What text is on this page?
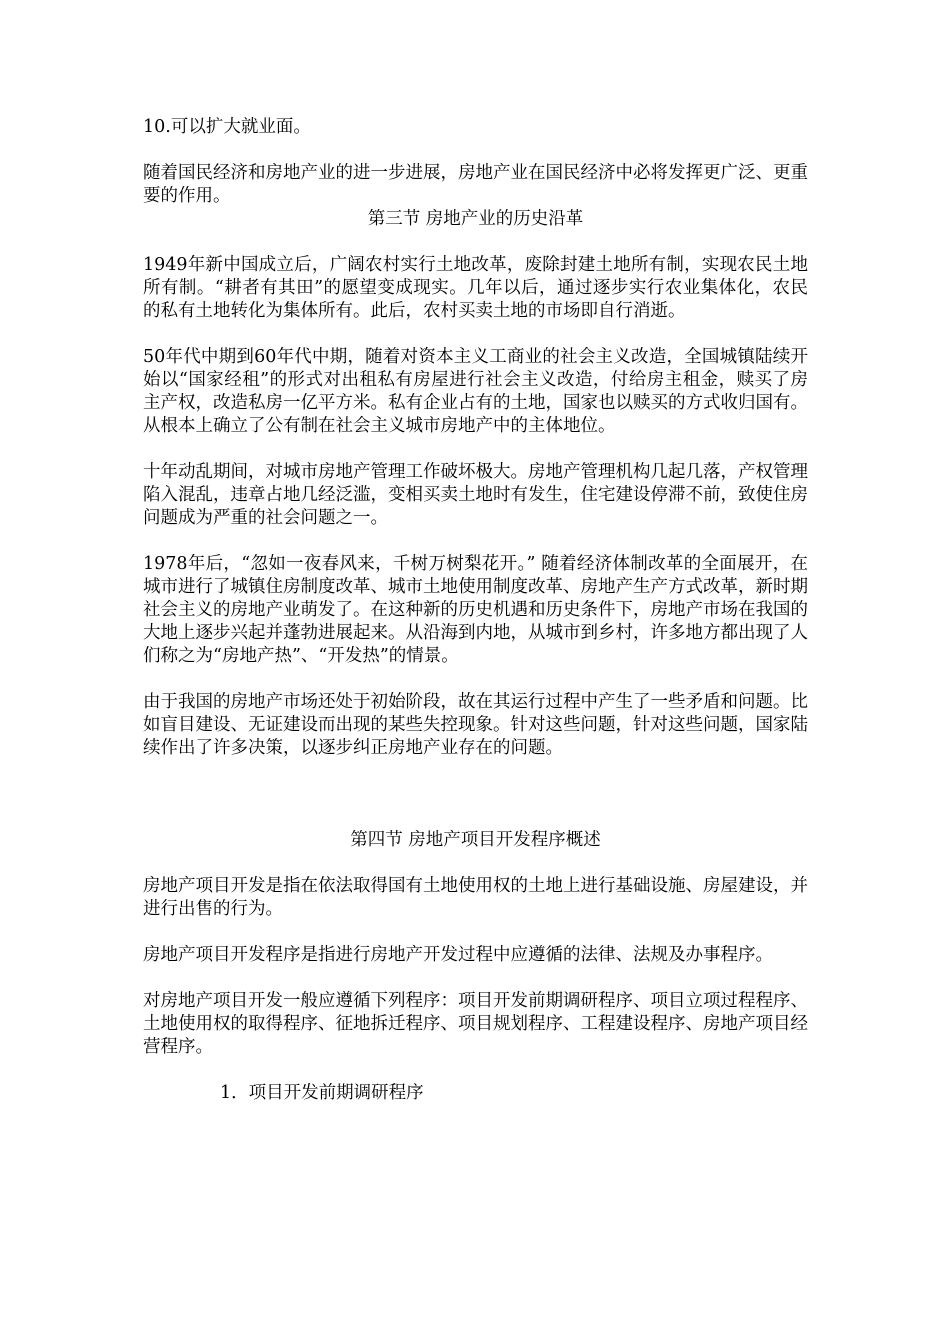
10.可以扩大就业面。

随着国民经济和房地产业的进一步进展，房地产业在国民经济中必将发挥更广泛、更重要的作用。

第三节 房地产业的历史沿革

1949年新中国成立后，广阔农村实行土地改革，废除封建土地所有制，实现农民土地所有制。“耕者有其田”的愿望变成现实。几年以后，通过逐步实行农业集体化，农民的私有土地转化为集体所有。此后，农村买卖土地的市场即自行消逝。

50年代中期到60年代中期，随着对资本主义工商业的社会主义改造，全国城镇陆续开始以“国家经租”的形式对出租私有房屋进行社会主义改造，付给房主租金，赎买了房主产权，改造私房一亿平方米。私有企业占有的土地，国家也以赎买的方式收归国有。从根本上确立了公有制在社会主义城市房地产中的主体地位。

十年动乱期间，对城市房地产管理工作破坏极大。房地产管理机构几起几落，产权管理陷入混乱，违章占地几经泛滥，变相买卖土地时有发生，住宅建设停滞不前，致使住房问题成为严重的社会问题之一。

1978年后，“忽如一夜春风来，千树万树梨花开。” 随着经济体制改革的全面展开，在城市进行了城镇住房制度改革、城市土地使用制度改革、房地产生产方式改革，新时期社会主义的房地产业萌发了。在这种新的历史机遇和历史条件下，房地产市场在我国的大地上逐步兴起并蓬勃进展起来。从沿海到内地，从城市到乡村，许多地方都出现了人们称之为“房地产热”、“开发热”的情景。

由于我国的房地产市场还处于初始阶段，故在其运行过程中产生了一些矛盾和问题。比如盲目建设、无证建设而出现的某些失控现象。针对这些问题，针对这些问题，国家陆续作出了许多决策，以逐步纠正房地产业存在的问题。

第四节 房地产项目开发程序概述

房地产项目开发是指在依法取得国有土地使用权的土地上进行基础设施、房屋建设，并进行出售的行为。

房地产项目开发程序是指进行房地产开发过程中应遵循的法律、法规及办事程序。

对房地产项目开发一般应遵循下列程序：项目开发前期调研程序、项目立项过程程序、土地使用权的取得程序、征地拆迁程序、项目规划程序、工程建设程序、房地产项目经营程序。

1．项目开发前期调研程序
